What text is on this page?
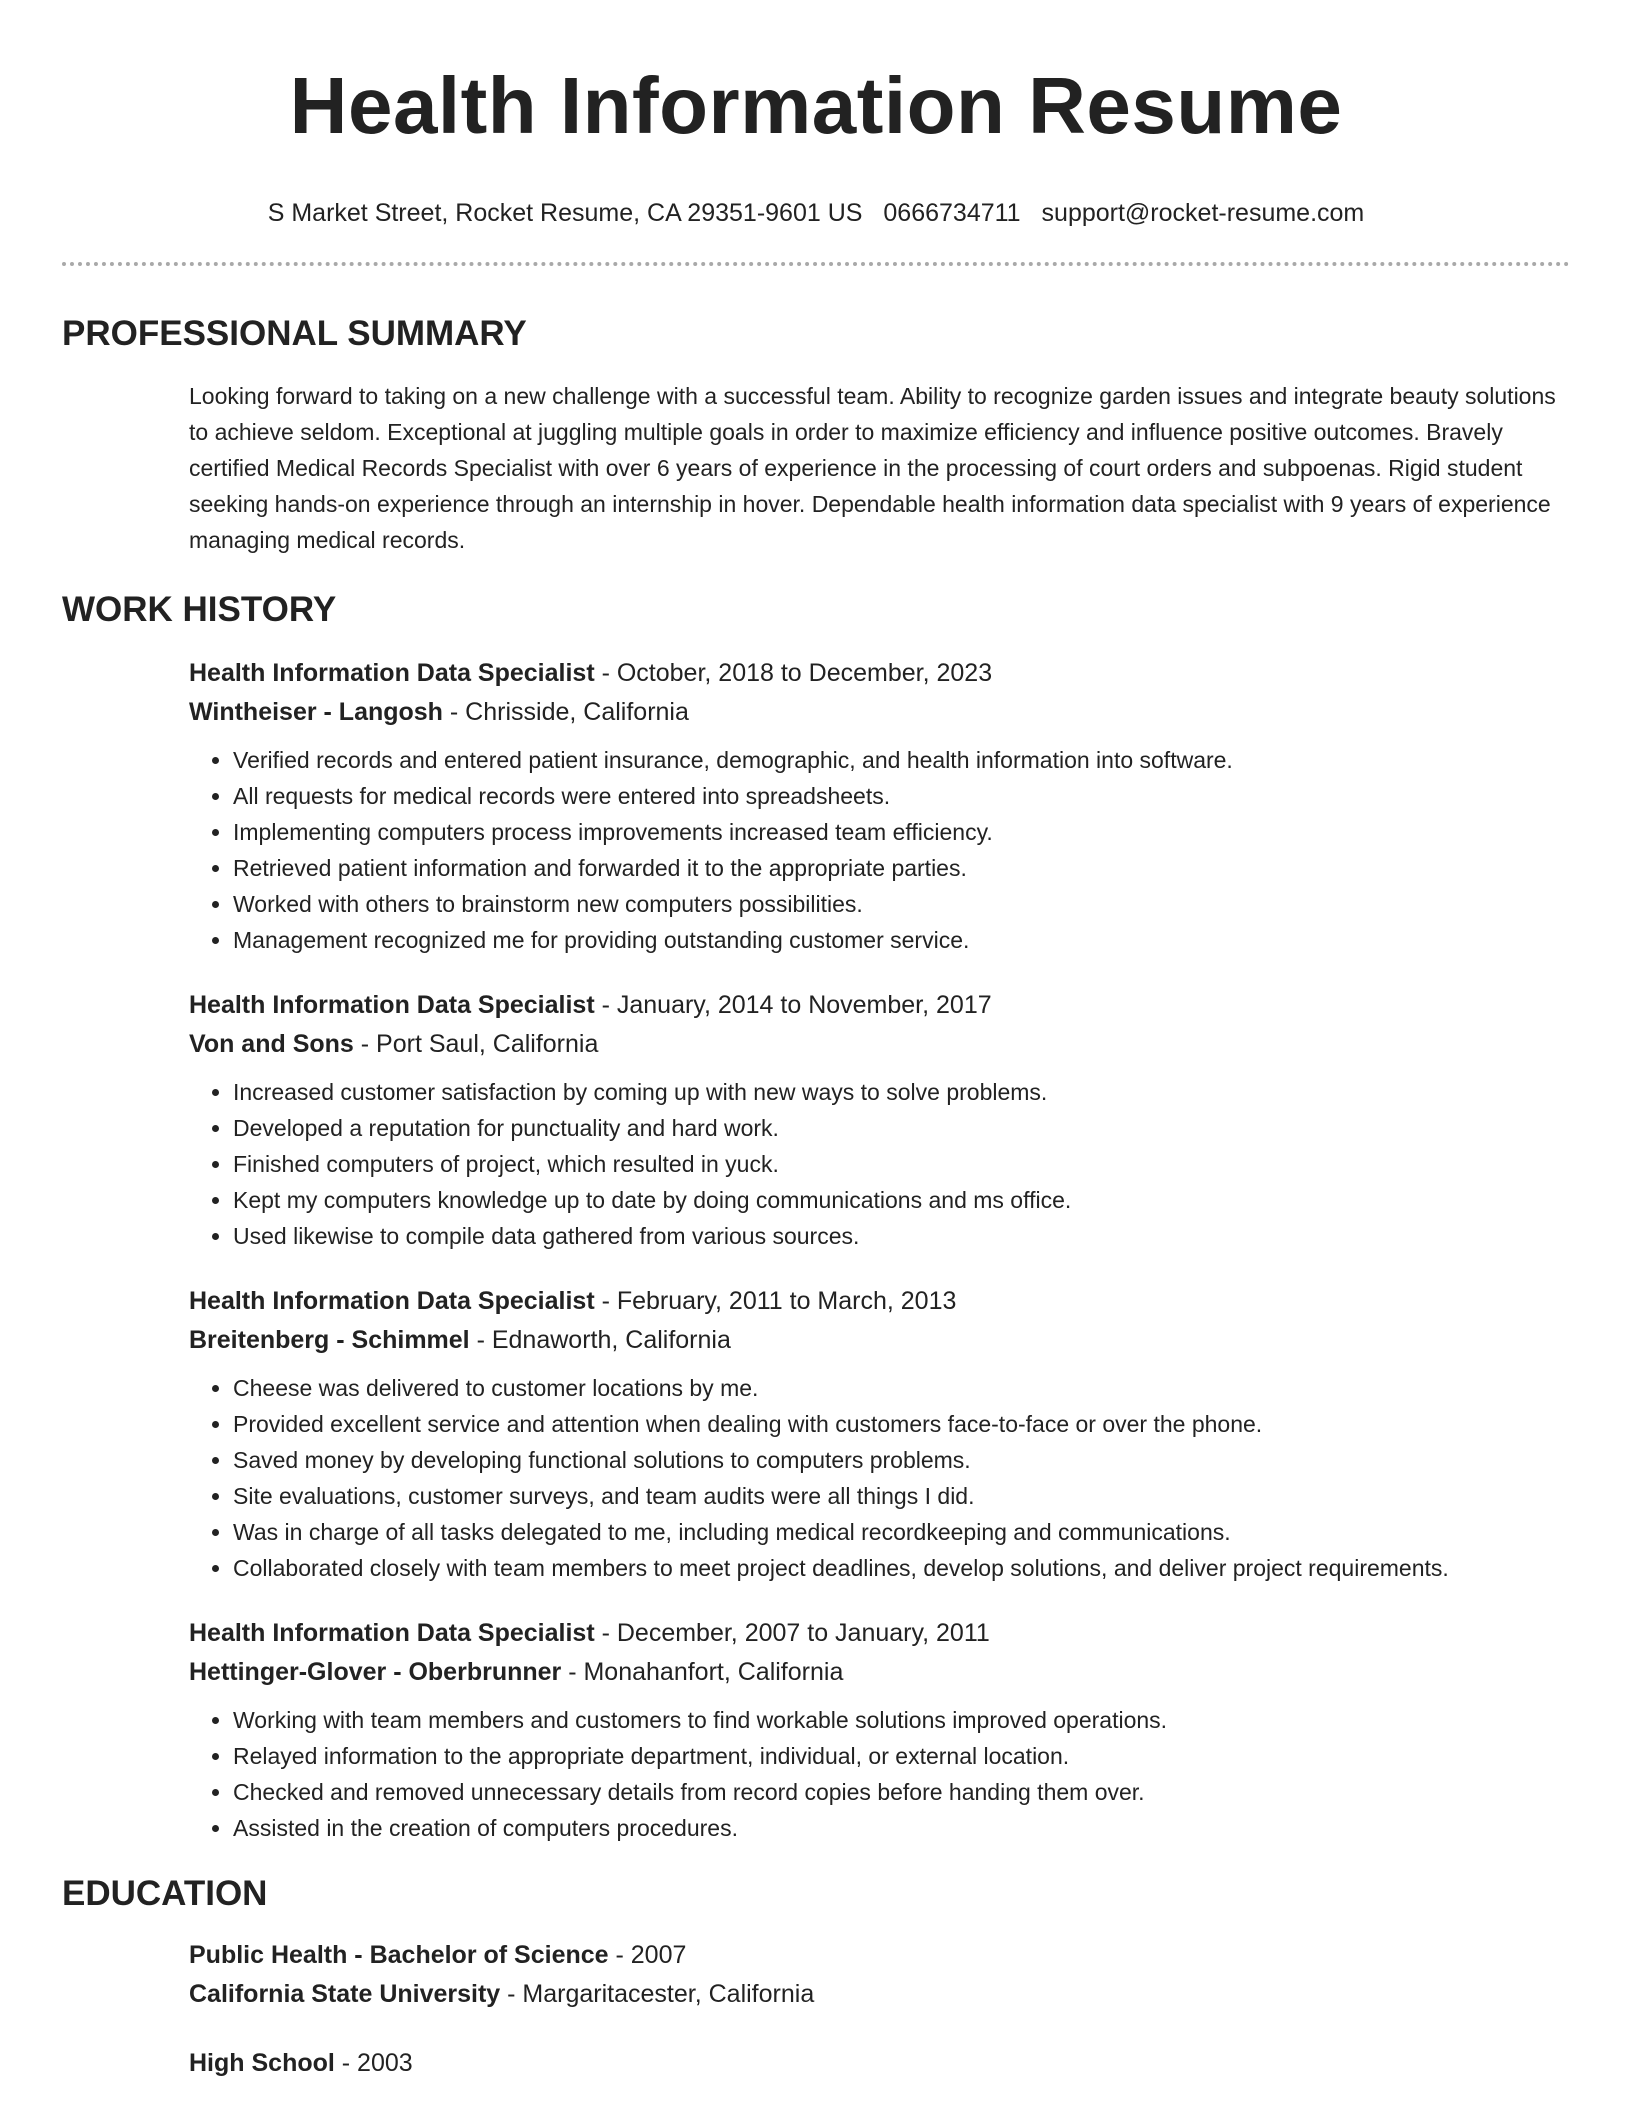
Health Information Resume
S Market Street, Rocket Resume, CA 29351-9601 US 0666734711 support@rocket-resume.com
PROFESSIONAL SUMMARY

Looking forward to taking on a new challenge with a successful team. Ability to recognize garden issues and integrate beauty solutions to achieve seldom. Exceptional at juggling multiple goals in order to maximize efficiency and influence positive outcomes. Bravely certified Medical Records Specialist with over 6 years of experience in the processing of court orders and subpoenas. Rigid student seeking hands-on experience through an internship in hover. Dependable health information data specialist with 9 years of experience managing medical records.

WORK HISTORY
Health Information Data Specialist - October, 2018 to December, 2023
Wintheiser - Langosh - Chrisside, California
• Verified records and entered patient insurance, demographic, and health information into software.
• All requests for medical records were entered into spreadsheets.
• Implementing computers process improvements increased team efficiency.
• Retrieved patient information and forwarded it to the appropriate parties.
• Worked with others to brainstorm new computers possibilities.
• Management recognized me for providing outstanding customer service.
Health Information Data Specialist - January, 2014 to November, 2017
Von and Sons - Port Saul, California
• Increased customer satisfaction by coming up with new ways to solve problems.
• Developed a reputation for punctuality and hard work.
• Finished computers of project, which resulted in yuck.
• Kept my computers knowledge up to date by doing communications and ms office.
• Used likewise to compile data gathered from various sources.
Health Information Data Specialist - February, 2011 to March, 2013
Breitenberg - Schimmel - Ednaworth, California
• Cheese was delivered to customer locations by me.
• Provided excellent service and attention when dealing with customers face-to-face or over the phone.
• Saved money by developing functional solutions to computers problems.
• Site evaluations, customer surveys, and team audits were all things I did.
• Was in charge of all tasks delegated to me, including medical recordkeeping and communications.
• Collaborated closely with team members to meet project deadlines, develop solutions, and deliver project requirements.
Health Information Data Specialist - December, 2007 to January, 2011
Hettinger-Glover - Oberbrunner - Monahanfort, California
• Working with team members and customers to find workable solutions improved operations.
• Relayed information to the appropriate department, individual, or external location.
• Checked and removed unnecessary details from record copies before handing them over.
• Assisted in the creation of computers procedures.
EDUCATION
Public Health - Bachelor of Science - 2007
California State University - Margaritacester, California
High School - 2003
